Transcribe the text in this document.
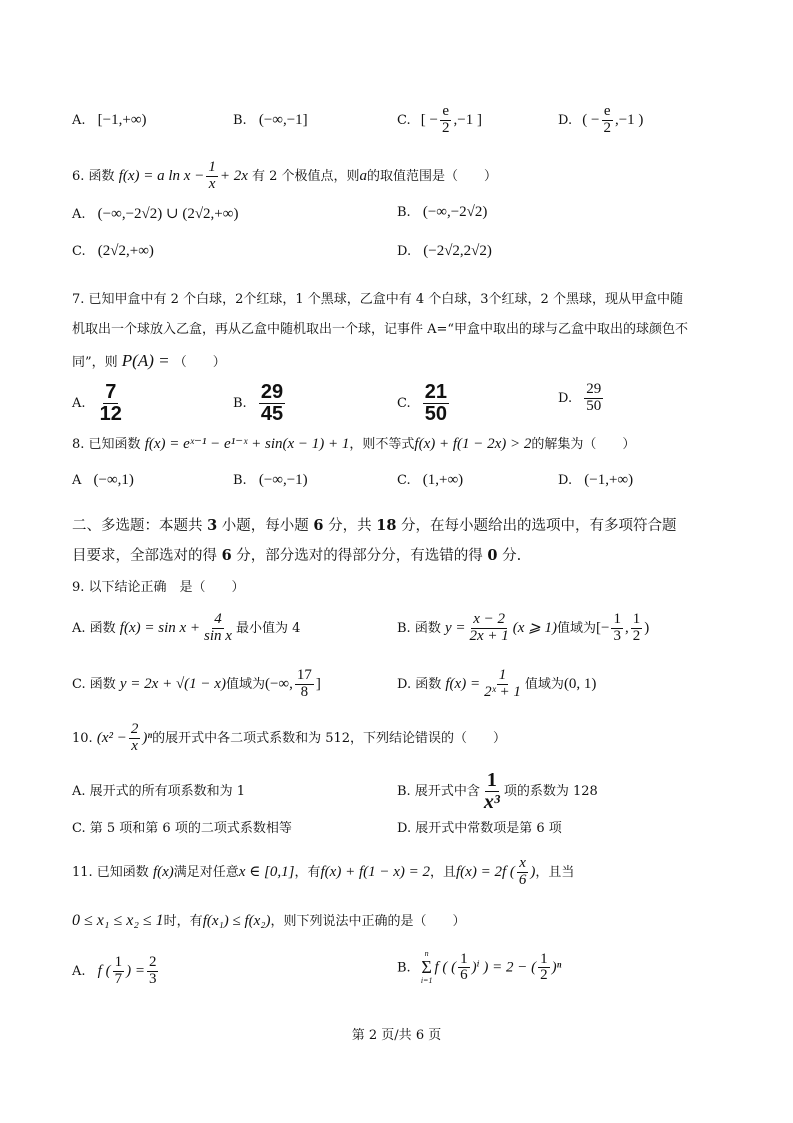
A. [−1,+∞)	B. (−∞,−1]	C. [ − $\frac{e}{2} ,-1$ ]	D. ( − $\frac{e}{2} ,-1$ )
6. 函数 f(x) = a $\ln x - \frac{1}{x} + 2x$ 有 2 个极值点，则a的取值范围是（　　）
A. (−∞,−2√2) ∪ (2√2,+∞)	B. (−∞,−2√2)
C. (2√2,+∞)	D. (−2√2,2√2)
7. 已知甲盒中有 2 个白球，2个红球，1 个黑球，乙盒中有 4 个白球，3个红球，2 个黑球，现从甲盒中随
机取出一个球放入乙盒，再从乙盒中随机取出一个球，记事件 A=“甲盒中取出的球与乙盒中取出的球颜色不
同”，则 P(A) = （　　）
A. $\frac{7}{12}$	B. $\frac{29}{45}$	C. $\frac{21}{50}$	D. $\frac{29}{50}$
8. 已知函数 f(x) = eˣ⁻¹ − e¹⁻ˣ + sin(x − 1) + 1，则不等式f(x) + f(1 − 2x) > 2的解集为（　　）
A (−∞,1)	B. (−∞,−1)	C. (1,+∞)	D. (−1,+∞)
二、多选题：本题共 3 小题，每小题 6 分，共 18 分，在每小题给出的选项中，有多项符合题
目要求，全部选对的得 6 分，部分选对的得部分分，有选错的得 0 分.
9. 以下结论正确　是（　　）
A. 函数 $f(x) = \sin x + \frac{4}{\text{sin x}}$ 最小值为 4	B. 函数 $y = \frac{x - 2}{2x + 1} (x$ ⩾ 1)值域为[− $\frac{1}{3}$ , $\frac{1}{2}$ )
C. 函数 y = 2x + √(1 − x)值域为(−∞, $\frac{17}{8}$ ]	D. 函数 $f(x) = \frac{1}{\text{2ˣ + 1}}$ 值域为(0, 1)
10. $(x^2 - \frac{2}{x} )^n$的展开式中各二项式系数和为 512，下列结论错误的（　　）
A. 展开式的所有项系数和为 1	B. 展开式中含 $\frac{1}{\text{x³}}$ 项的系数为 128
C. 第 5 项和第 6 项的二项式系数相等	D. 展开式中常数项是第 6 项
11. 已知函数 f(x)满足对任意x ∈ [0,1]，有f(x) + f(1 − x) = 2，且f(x) = 2f ( $\frac{x}{6}$ )，且当
0 ≤ x₁ ≤ x₂ ≤ 1时，有f(x₁) ≤ f(x₂)，则下列说法中正确的是（　　）
A. f ( $\frac{1}{7}$ ) = $\frac{2}{3}$	B.
n
Σ
i=1
f ( ( $\frac{1}{6} )^i$ ) = 2 − ( $\frac{1}{2} )^n$
第 2 页/共 6 页
